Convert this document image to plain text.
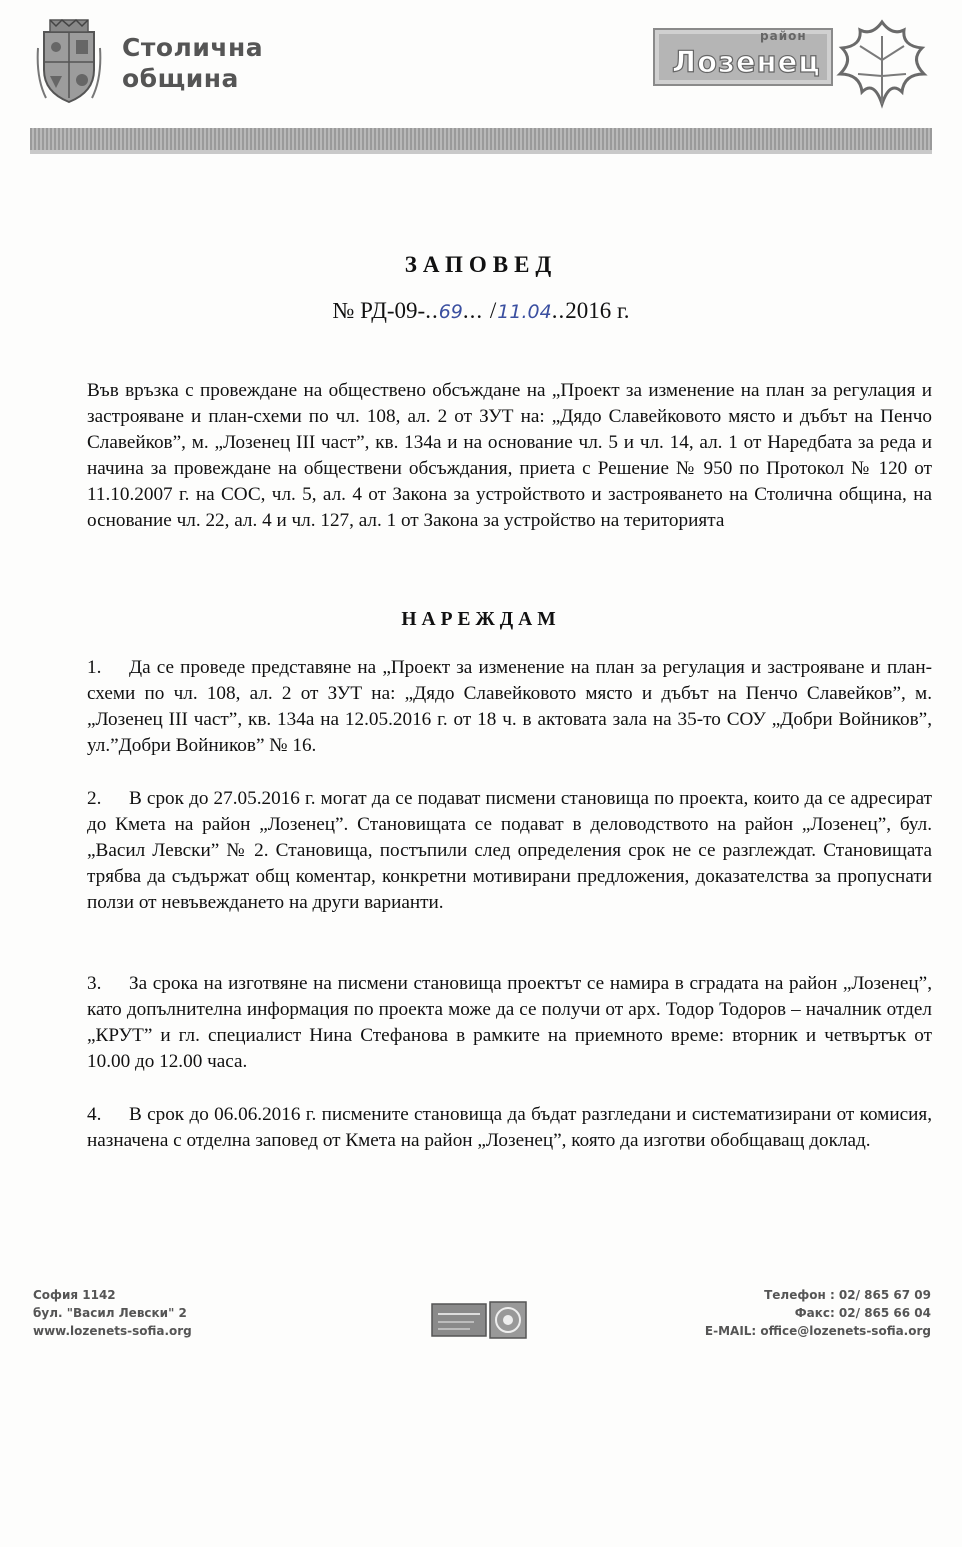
Столична
община
район
Лозенец
ЗАПОВЕД
№ РД-09-..69... /11.04..2016 г.
Във връзка с провеждане на обществено обсъждане на „Проект за изменение на план за регулация и застрояване и план-схеми по чл. 108, ал. 2 от ЗУТ на: „Дядо Славейковото място и дъбът на Пенчо Славейков”, м. „Лозенец III част”, кв. 134а и на основание чл. 5 и чл. 14, ал. 1 от Наредбата за реда и начина за провеждане на обществени обсъждания, приета с Решение № 950 по Протокол № 120 от 11.10.2007 г. на СОС, чл. 5, ал. 4 от Закона за устройството и застрояването на Столична община, на основание чл. 22, ал. 4 и чл. 127, ал. 1 от Закона за устройство на територията
НАРЕЖДАМ
1. Да се проведе представяне на „Проект за изменение на план за регулация и застрояване и план-схеми по чл. 108, ал. 2 от ЗУТ на: „Дядо Славейковото място и дъбът на Пенчо Славейков”, м. „Лозенец III част”, кв. 134а на 12.05.2016 г. от 18 ч. в актовата зала на 35-то СОУ „Добри Войников”, ул.”Добри Войников” № 16.
2. В срок до 27.05.2016 г. могат да се подават писмени становища по проекта, които да се адресират до Кмета на район „Лозенец”. Становищата се подават в деловодството на район „Лозенец”, бул. „Васил Левски” № 2. Становища, постъпили след определения срок не се разглеждат. Становищата трябва да съдържат общ коментар, конкретни мотивирани предложения, доказателства за пропуснати ползи от невъвеждането на други варианти.
3. За срока на изготвяне на писмени становища проектът се намира в сградата на район „Лозенец”, като допълнителна информация по проекта може да се получи от арх. Тодор Тодоров – началник отдел „КРУТ” и гл. специалист Нина Стефанова в рамките на приемното време: вторник и четвъртък от 10.00 до 12.00 часа.
4. В срок до 06.06.2016 г. писмените становища да бъдат разгледани и систематизирани от комисия, назначена с отделна заповед от Кмета на район „Лозенец”, която да изготви обобщаващ доклад.
София 1142
бул. "Васил Левски" 2
www.lozenets-sofia.org
Телефон : 02/ 865 67 09
Факс: 02/ 865 66 04
E-MAIL: office@lozenets-sofia.org
